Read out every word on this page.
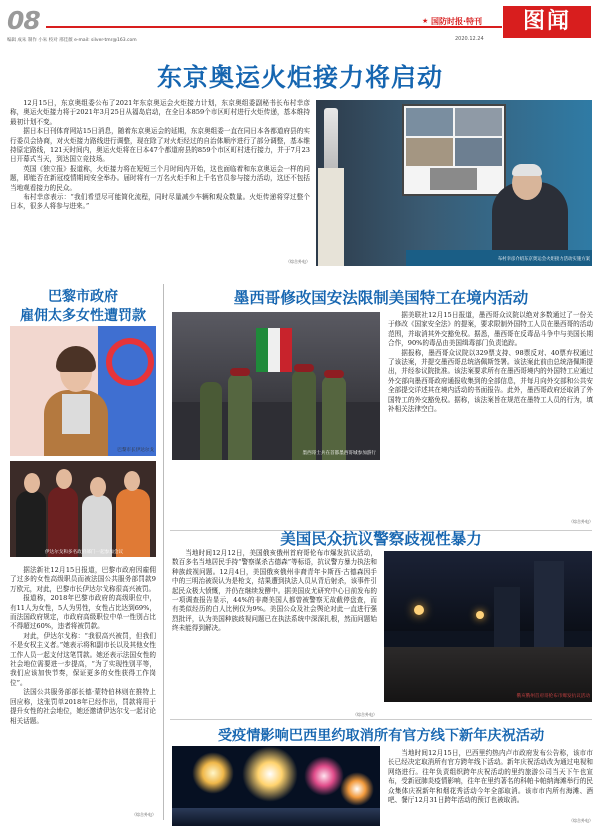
08
编辑 成朱 制作 小朱 校对 邢佳薇 e-mail: silver-tmr@163.com
★ 国防时报·特刊	图闻
2020.12.24
东京奥运火炬接力将启动

12月15日，东京奥组委公布了2021年东京奥运会火炬接力计划，东京奥组委副秘书长布村幸彦称，奥运火炬接力将于2021年3月25日从福岛启动，在全日本859个市区町村进行火炬传递，基本维持最初计划不变。

据日本日刊体育网站15日消息，随着东京奥运会的延期，东京奥组委一直在同日本各都道府县的实行委员会协商，对火炬接力路线进行调整，现在除了对火炬经过的自治体顺序进行了部分调整，基本维持原定路线，121天时间内，奥运火炬将在日本47个都道府县的859个市区町村进行接力，并于7月23日开幕式当天，到达国立竞技场。

英国《独立报》报道称，火炬接力将在短短三个月时间内开始，这也面临着和东京奥运会一样的问题，即能否在新冠疫情期间安全举办。届时将有一万名火炬手和上千名官员参与接力活动，这还不包括当地观看接力的民众。

布村幸彦表示：“我们希望尽可能简化流程，同时尽量减少车辆和观众数量。火炬传递将穿过整个日本，很多人将参与进来。”

（综合外电）	布村幸彦介绍东京奥运会火炬接力活动实施方案
巴黎市政府
雇佣太多女性遭罚款
巴黎市长伊达尔戈
伊达尔戈和多名政府部门一起参加会议

据法新社12月15日报道，巴黎市政府因雇佣了过多的女性高级职员而被法国公共服务部罚款9万欧元，对此，巴黎市长伊达尔戈称很高兴被罚。

报道称，2018年巴黎市政府的高级职位中，有11人为女性，5人为男性，女性占比达到69%，而法国政府规定，市政府高级职位中单一性别占比不得超过60%，违者将被罚款。

对此，伊达尔戈称：“我很高兴被罚，但我们不是女权主义者。”她表示将和副市长以及其他女性工作人员一起支付这笔罚款。她还表示法国女性的社会地位需要进一步提高，“为了实现性别平等，我们应该加快节奏，保证更多的女性获得工作岗位”。

法国公共服务部部长德·蒙特伯林则在推特上回应称，这张罚单2018年已经作出，罚款将用于提升女性的社会地位，她还邀请伊达尔戈一起讨论相关话题。

（综合外电）
墨西哥修改国安法限制美国特工在境内活动
墨西哥士兵在首都墨西哥城参加游行

据美联社12月15日报道，墨西哥众议院以绝对多数通过了一份关于修改《国家安全法》的提案，要求限制外国特工人员在墨西哥的活动范围，并取消其外交豁免权。据悉，墨西哥在反毒品斗争中与美国长期合作，90%的毒品由美国缉毒部门负责追踪。

据报称，墨西哥众议院以329票支持、98票反对、40票弃权通过了该法案，并提交墨西哥总统洛佩斯签署。该法案此前由总统洛佩斯提出，并经参议院批准。该法案要求所有在墨西哥境内的外国特工应通过外交部向墨西哥政府通报收集到的全部信息，并每月向外交部和公共安全部提交详述其在境内活动的书面报告。此外，墨西哥政府还取消了外国特工的外交豁免权。据称，该法案旨在规范在墨特工人员的行为，填补相关法律空白。

（综合外电）
美国民众抗议警察歧视性暴力

当地时间12月12日，美国俄亥俄州首府哥伦布市爆发抗议活动，数百多名当地居民手持“警察谋杀古德森”等标语，抗议警方暴力执法和种族歧视问题。12月4日，美国俄亥俄州非裔青年卡斯西·古德森因手中的三明治被误认为是枪支，结果遭到执法人员从背后射杀，该事件引起民众极大愤慨，并仍在继续发酵中。据美国皮尤研究中心日前发布的一项调查报告显示，44%的非裔美国人都曾被警察无故截停盘查，而有类似经历的白人比例仅为9%。美国公众及社会舆论对此一直进行强烈批评，认为美国种族歧视问题已在执法系统中深深扎根，然而问题始终未能得到解决。

（综合外电）
俄亥俄州首府哥伦布市爆发抗议活动
受疫情影响巴西里约取消所有官方线下新年庆祝活动

当地时间12月15日，巴西里约热内卢市政府发布公告称，该市市长已经决定取消所有官方跨年线下活动。新年庆祝活动改为通过电视和网络进行。往年负责组织跨年庆祝活动的里约旅游公司当天下午也宣布，受新冠肺炎疫情影响，往年在里约著名的科帕卡帕纳海滩举行的民众集体庆祝新年和烟花秀活动今年全部取消。该市市内所有海滩、酒吧、餐厅12月31日跨年活动的预订也被取消。

（综合外电）
